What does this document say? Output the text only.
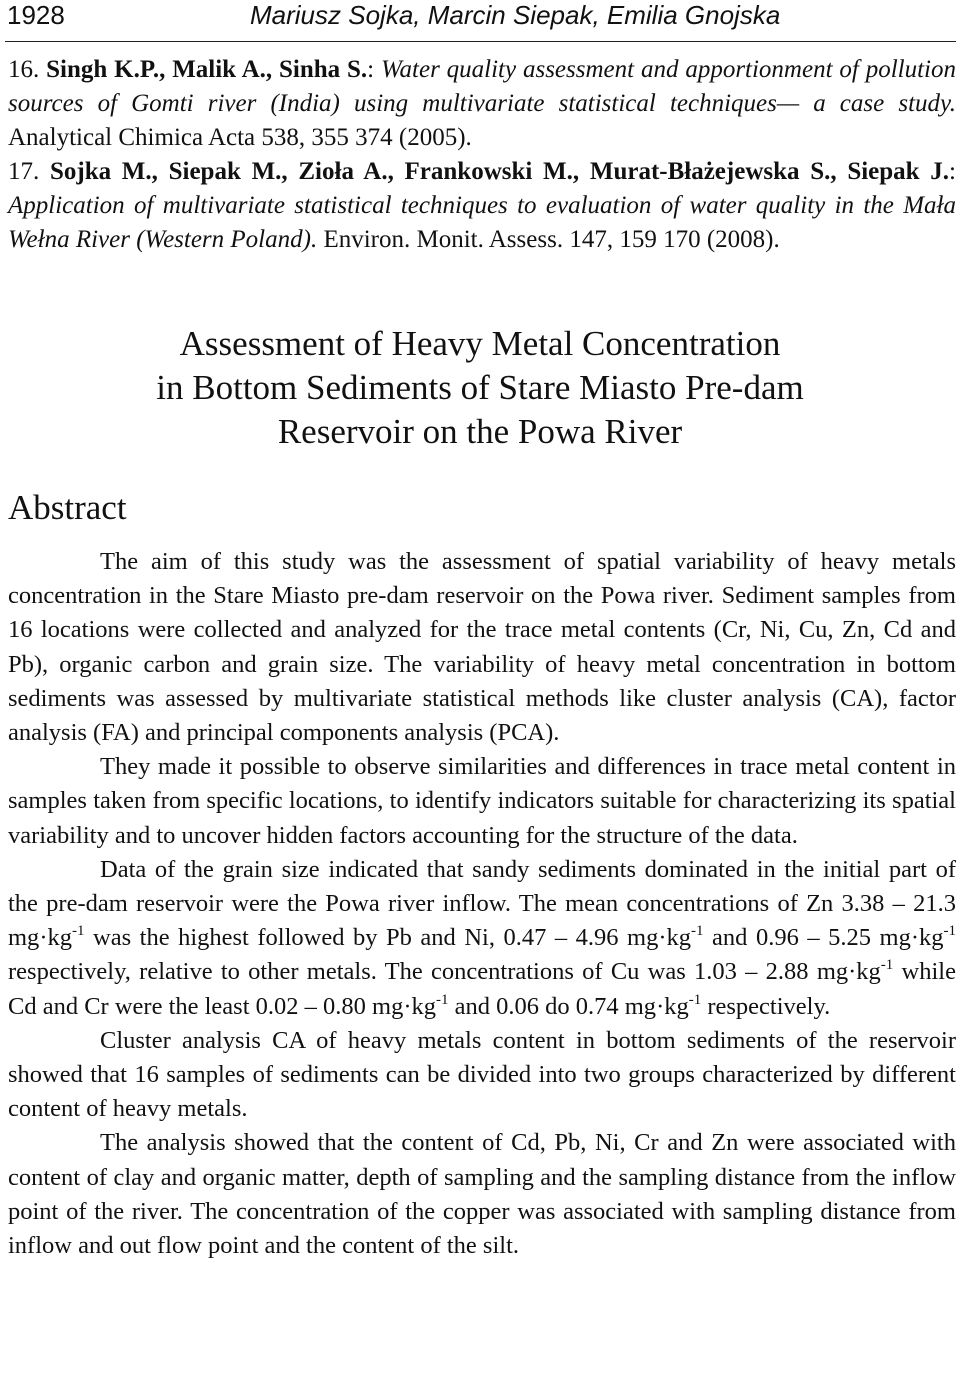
1928	Mariusz Sojka, Marcin Siepak, Emilia Gnojska

16. Singh K.P., Malik A., Sinha S.: Water quality assessment and apportionment of pollution sources of Gomti river (India) using multivariate statistical techniques— a case study. Analytical Chimica Acta 538, 355 374 (2005).

17. Sojka M., Siepak M., Zioła A., Frankowski M., Murat-Błażejewska S., Siepak J.: Application of multivariate statistical techniques to evaluation of water quality in the Mała Wełna River (Western Poland). Environ. Monit. Assess. 147, 159 170 (2008).

Assessment of Heavy Metal Concentration
in Bottom Sediments of Stare Miasto Pre-dam
Reservoir on the Powa River
Abstract

The aim of this study was the assessment of spatial variability of heavy metals concentration in the Stare Miasto pre-dam reservoir on the Powa river. Sediment samples from 16 locations were collected and analyzed for the trace metal contents (Cr, Ni, Cu, Zn, Cd and Pb), organic carbon and grain size. The variability of heavy metal concentration in bottom sediments was assessed by multivariate statistical methods like cluster analysis (CA), factor analysis (FA) and principal components analysis (PCA).

They made it possible to observe similarities and differences in trace metal content in samples taken from specific locations, to identify indicators suitable for characterizing its spatial variability and to uncover hidden factors accounting for the structure of the data.

Data of the grain size indicated that sandy sediments dominated in the initial part of the pre-dam reservoir were the Powa river inflow. The mean concentrations of Zn 3.38 – 21.3 $mg\cdot kg^{-1}$ was the highest followed by Pb and Ni, 0.47 – 4.96 $mg\cdot kg^{-1}$ and 0.96 – 5.25 $mg\cdot kg^{-1}$ respectively, relative to other metals. The concentrations of Cu was 1.03 – 2.88 $mg\cdot kg^{-1}$ while Cd and Cr were the least 0.02 – 0.80 $mg\cdot kg^{-1}$ and 0.06 do 0.74 $mg\cdot kg^{-1}$ respectively.

Cluster analysis CA of heavy metals content in bottom sediments of the reservoir showed that 16 samples of sediments can be divided into two groups characterized by different content of heavy metals.

The analysis showed that the content of Cd, Pb, Ni, Cr and Zn were associated with content of clay and organic matter, depth of sampling and the sampling distance from the inflow point of the river. The concentration of the copper was associated with sampling distance from inflow and out flow point and the content of the silt.
